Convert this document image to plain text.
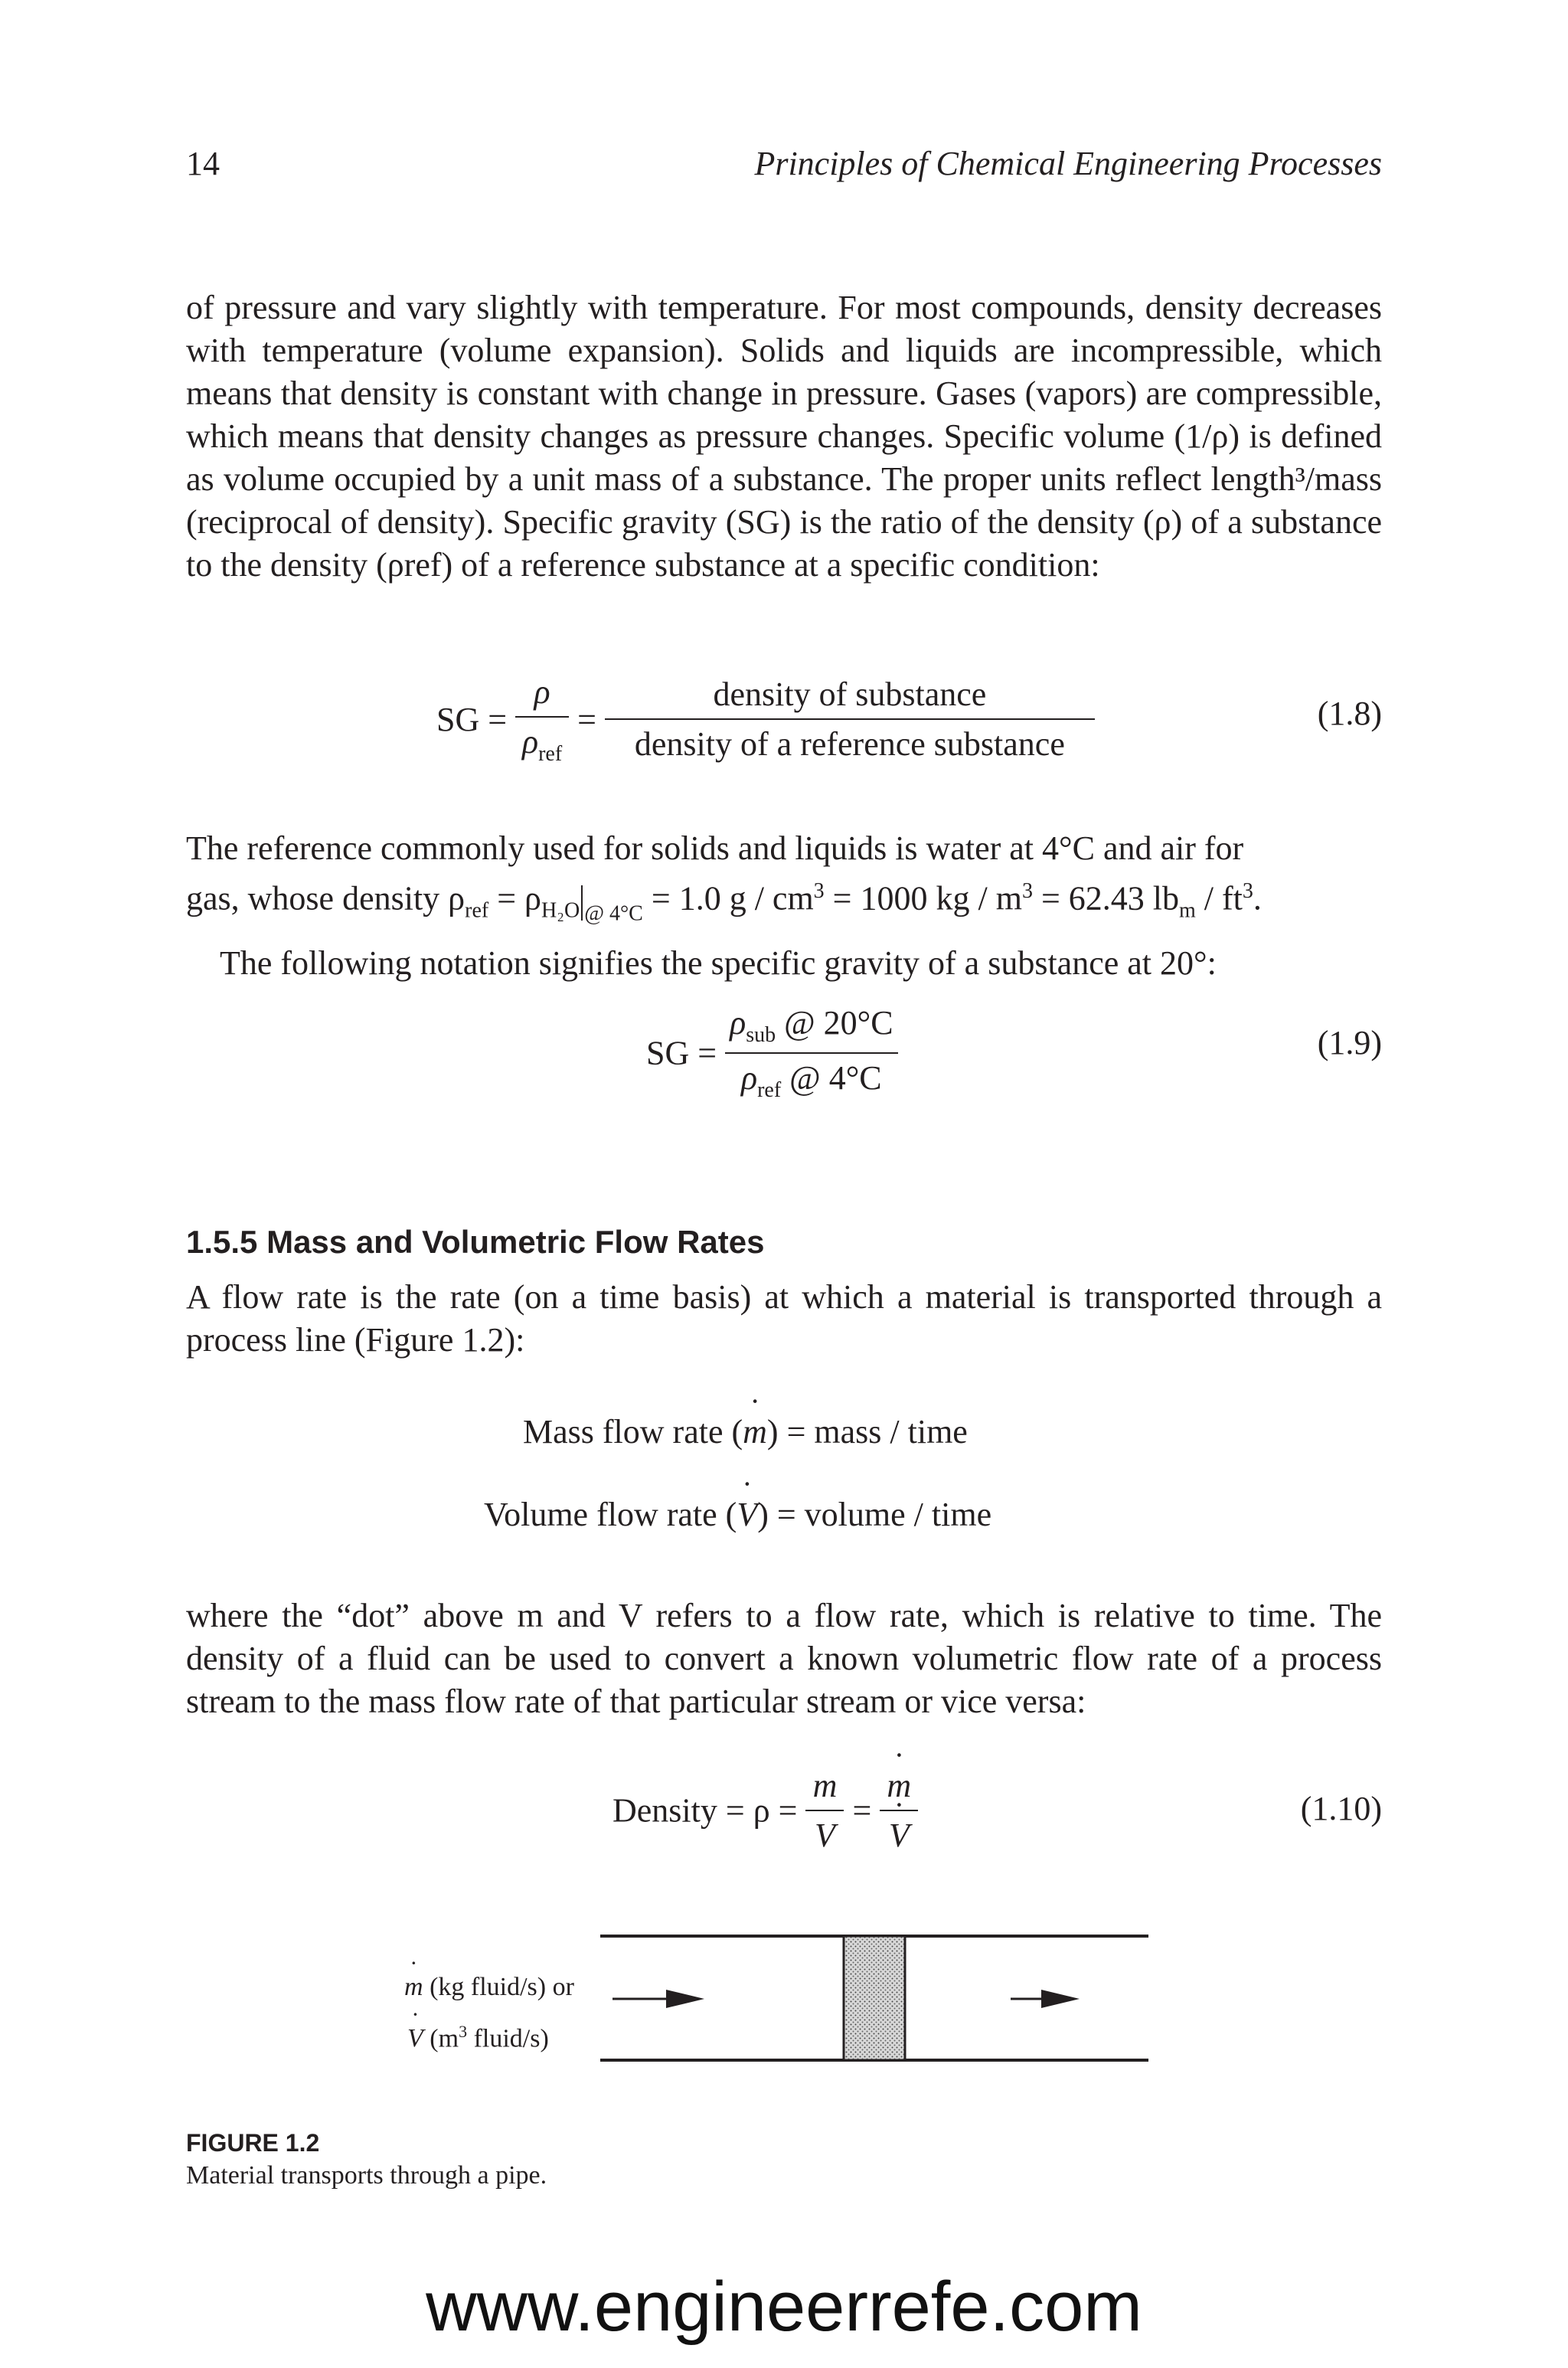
14	Principles of Chemical Engineering Processes

of pressure and vary slightly with temperature. For most compounds, density decreases with temperature (volume expansion). Solids and liquids are incompressible, which means that density is constant with change in pressure. Gases (vapors) are compressible, which means that density changes as pressure changes. Specific volume (1/ρ) is defined as volume occupied by a unit mass of a substance. The proper units reflect length³/mass (reciprocal of density). Specific gravity (SG) is the ratio of the density (ρ) of a substance to the density (ρref) of a reference substance at a specific condition:

SG = $\frac{\rho}{\rho_{ref}} = \frac{\text{density of substance}}{\text{density of a reference substance}}$	(1.8)

The reference commonly used for solids and liquids is water at 4°C and air for

gas, whose density $\rho_{ref} = \rho_{H_2O}$ $_{@ 4^\circ C}$ = 1.0 $g / cm^3 = 1000$ kg / $m^3 = 62.43$ $lb_m / ft^3$.

The following notation signifies the specific gravity of a substance at 20°:

SG = $\frac{\rho_{sub} @ 20^\circ C}{\rho_{ref} @ 4^\circ C}$	(1.9)
1.5.5 Mass and Volumetric Flow Rates

A flow rate is the rate (on a time basis) at which a material is transported through a process line (Figure 1.2):

Mass flow rate (m ˙) = mass / time
Volume flow rate (V ˙) = volume / time

where the “dot” above m and V refers to a flow rate, which is relative to time. The density of a fluid can be used to convert a known volumetric flow rate of a process stream to the mass flow rate of that particular stream or vice versa:

Density = $\rho = \frac{m}{V} = \frac{m ˙}{V}$ ˙	(1.10)
m ˙ (kg fluid/s) or
V ˙ ($m^3$ fluid/s)
FIGURE 1.2
Material transports through a pipe.
www.engineerrefe.com
